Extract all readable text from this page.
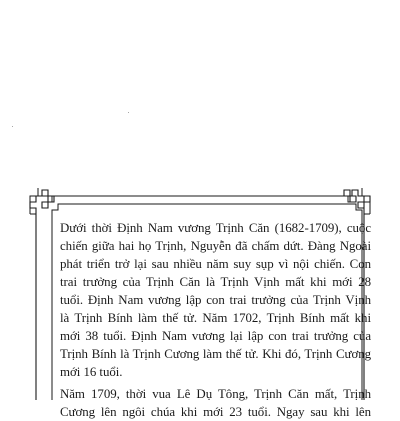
Dưới thời Định Nam vương Trịnh Căn (1682-1709), cuộc
chiến giữa hai họ Trịnh, Nguyễn đã chấm dứt. Đàng Ngoài
phát triển trở lại sau nhiều năm suy sụp vì nội chiến. Con
trai trưởng của Trịnh Căn là Trịnh Vịnh mất khi mới 28
tuổi. Định Nam vương lập con trai trưởng của Trịnh Vịnh
là Trịnh Bính làm thế tử. Năm 1702, Trịnh Bính mất khi
mới 38 tuổi. Định Nam vương lại lập con trai trưởng của
Trịnh Bính là Trịnh Cương làm thế tử. Khi đó, Trịnh Cương
mới 16 tuổi.
Năm 1709, thời vua Lê Dụ Tông, Trịnh Căn mất, Trịnh
Cương lên ngôi chúa khi mới 23 tuổi. Ngay sau khi lên
